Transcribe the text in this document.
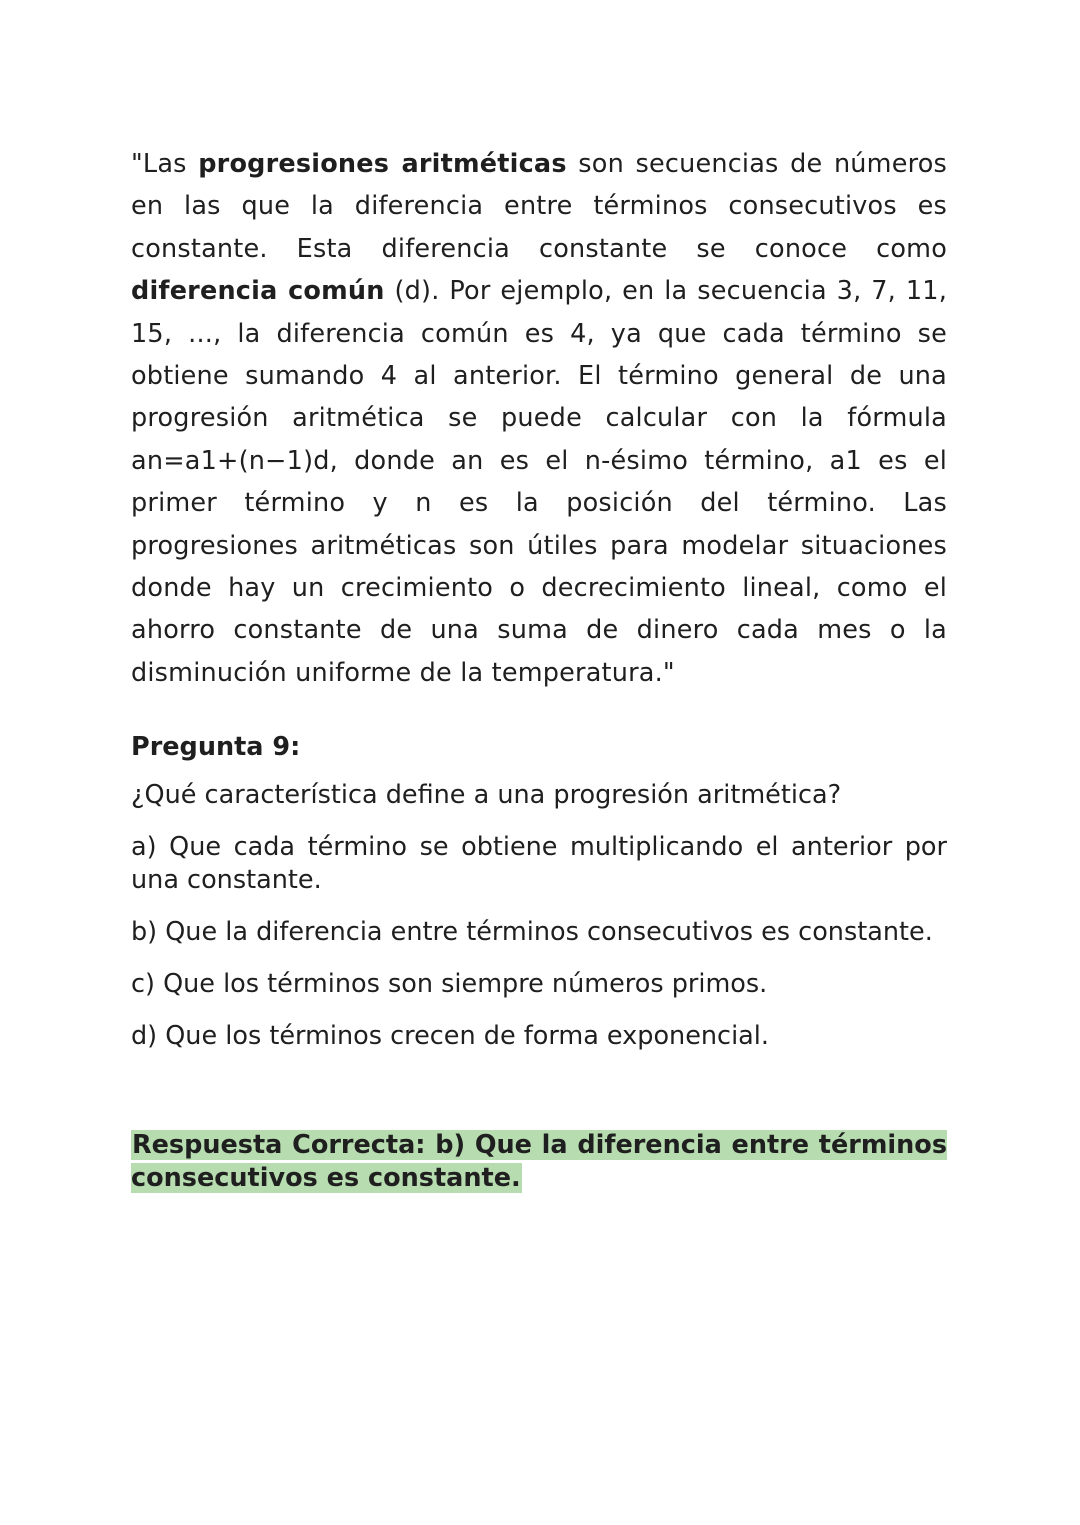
"Las progresiones aritméticas son secuencias de números en las que la diferencia entre términos consecutivos es constante. Esta diferencia constante se conoce como diferencia común (d). Por ejemplo, en la secuencia 3, 7, 11, 15, ..., la diferencia común es 4, ya que cada término se obtiene sumando 4 al anterior. El término general de una progresión aritmética se puede calcular con la fórmula an=a1+(n−1)d, donde an es el n-ésimo término, a1 es el primer término y n es la posición del término. Las progresiones aritméticas son útiles para modelar situaciones donde hay un crecimiento o decrecimiento lineal, como el ahorro constante de una suma de dinero cada mes o la disminución uniforme de la temperatura."

Pregunta 9:

¿Qué característica define a una progresión aritmética?

a) Que cada término se obtiene multiplicando el anterior por una constante.

b) Que la diferencia entre términos consecutivos es constante.

c) Que los términos son siempre números primos.

d) Que los términos crecen de forma exponencial.

Respuesta Correcta: b) Que la diferencia entre términos consecutivos es constante.
